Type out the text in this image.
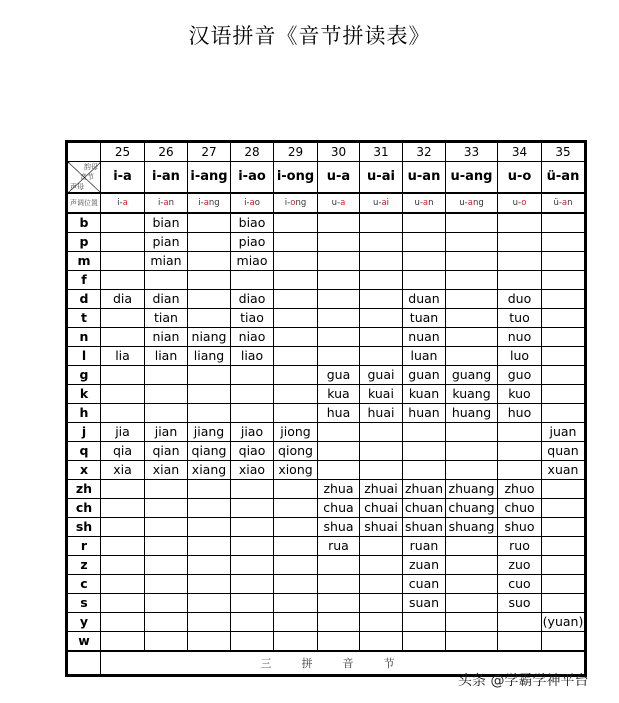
汉语拼音《音节拼读表》
	25	26	27	28	29	30	31	32	33	34	35

韵母
音节
声母	i-a	i-an	i-ang	i-ao	i-ong	u-a	u-ai	u-an	u-ang	u-o	ü-an
声调位置	i-a	i-an	i-ang	i-ao	i-ong	u-a	u-ai	u-an	u-ang	u-o	ü-an
b		bian		biao							
p		pian		piao							
m		mian		miao							
f											
d	dia	dian		diao				duan		duo	
t		tian		tiao				tuan		tuo	
n		nian	niang	niao				nuan		nuo	
l	lia	lian	liang	liao				luan		luo	
g						gua	guai	guan	guang	guo	
k						kua	kuai	kuan	kuang	kuo	
h						hua	huai	huan	huang	huo	
j	jia	jian	jiang	jiao	jiong						juan
q	qia	qian	qiang	qiao	qiong						quan
x	xia	xian	xiang	xiao	xiong						xuan
zh						zhua	zhuai	zhuan	zhuang	zhuo	
ch						chua	chuai	chuan	chuang	chuo	
sh						shua	shuai	shuan	shuang	shuo	
r						rua		ruan		ruo	
z								zuan		zuo	
c								cuan		cuo	
s								suan		suo	
y											(yuan)
w											
	三拼音节										
头条 @学霸学神平台
